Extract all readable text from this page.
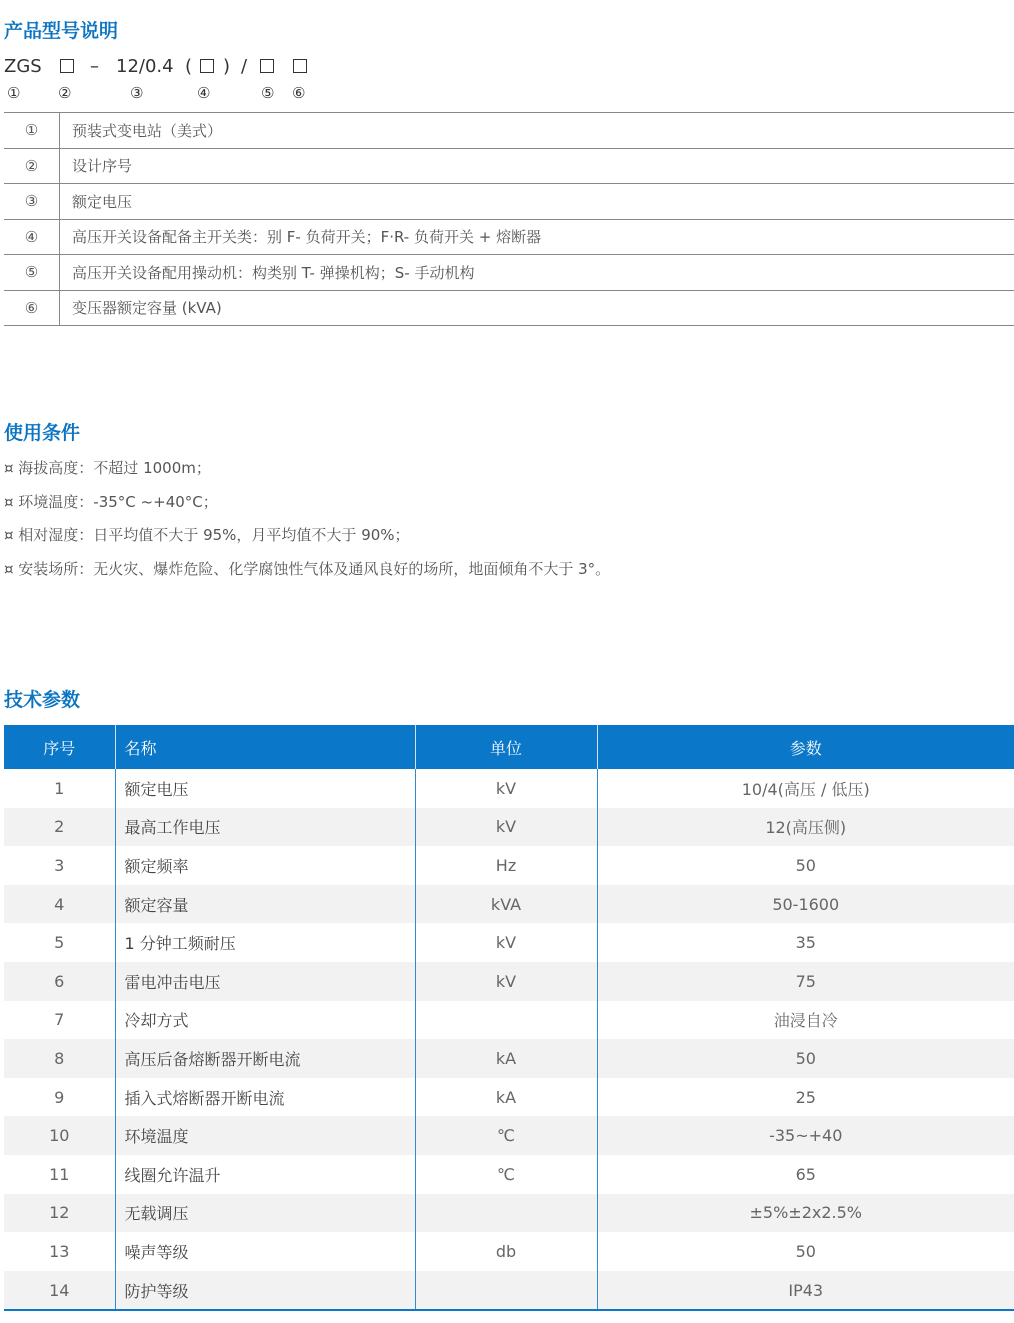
产品型号说明
ZGS	– 12/0.4 ( ) /
①	②	③	④	⑤ ⑥
①	预装式变电站（美式）
②	设计序号
③	额定电压
④	高压开关设备配备主开关类：别 F- 负荷开关；F·R- 负荷开关 + 熔断器
⑤	高压开关设备配用操动机：构类别 T- 弹操机构；S- 手动机构
⑥	变压器额定容量 (kVA)
使用条件
¤ 海拔高度：不超过 1000m；
¤ 环境温度：-35°C ~+40°C；
¤ 相对湿度：日平均值不大于 95%，月平均值不大于 90%；
¤ 安装场所：无火灾、爆炸危险、化学腐蚀性气体及通风良好的场所，地面倾角不大于 3°。
技术参数
序号	名称	单位	参数
1	额定电压	kV	10/4(高压 / 低压)
2	最高工作电压	kV	12(高压侧)
3	额定频率	Hz	50
4	额定容量	kVA	50-1600
5	1 分钟工频耐压	kV	35
6	雷电冲击电压	kV	75
7	冷却方式		油浸自冷
8	高压后备熔断器开断电流	kA	50
9	插入式熔断器开断电流	kA	25
10	环境温度	℃	-35~+40
11	线圈允许温升	℃	65
12	无载调压		±5%±2x2.5%
13	噪声等级	db	50
14	防护等级		IP43
